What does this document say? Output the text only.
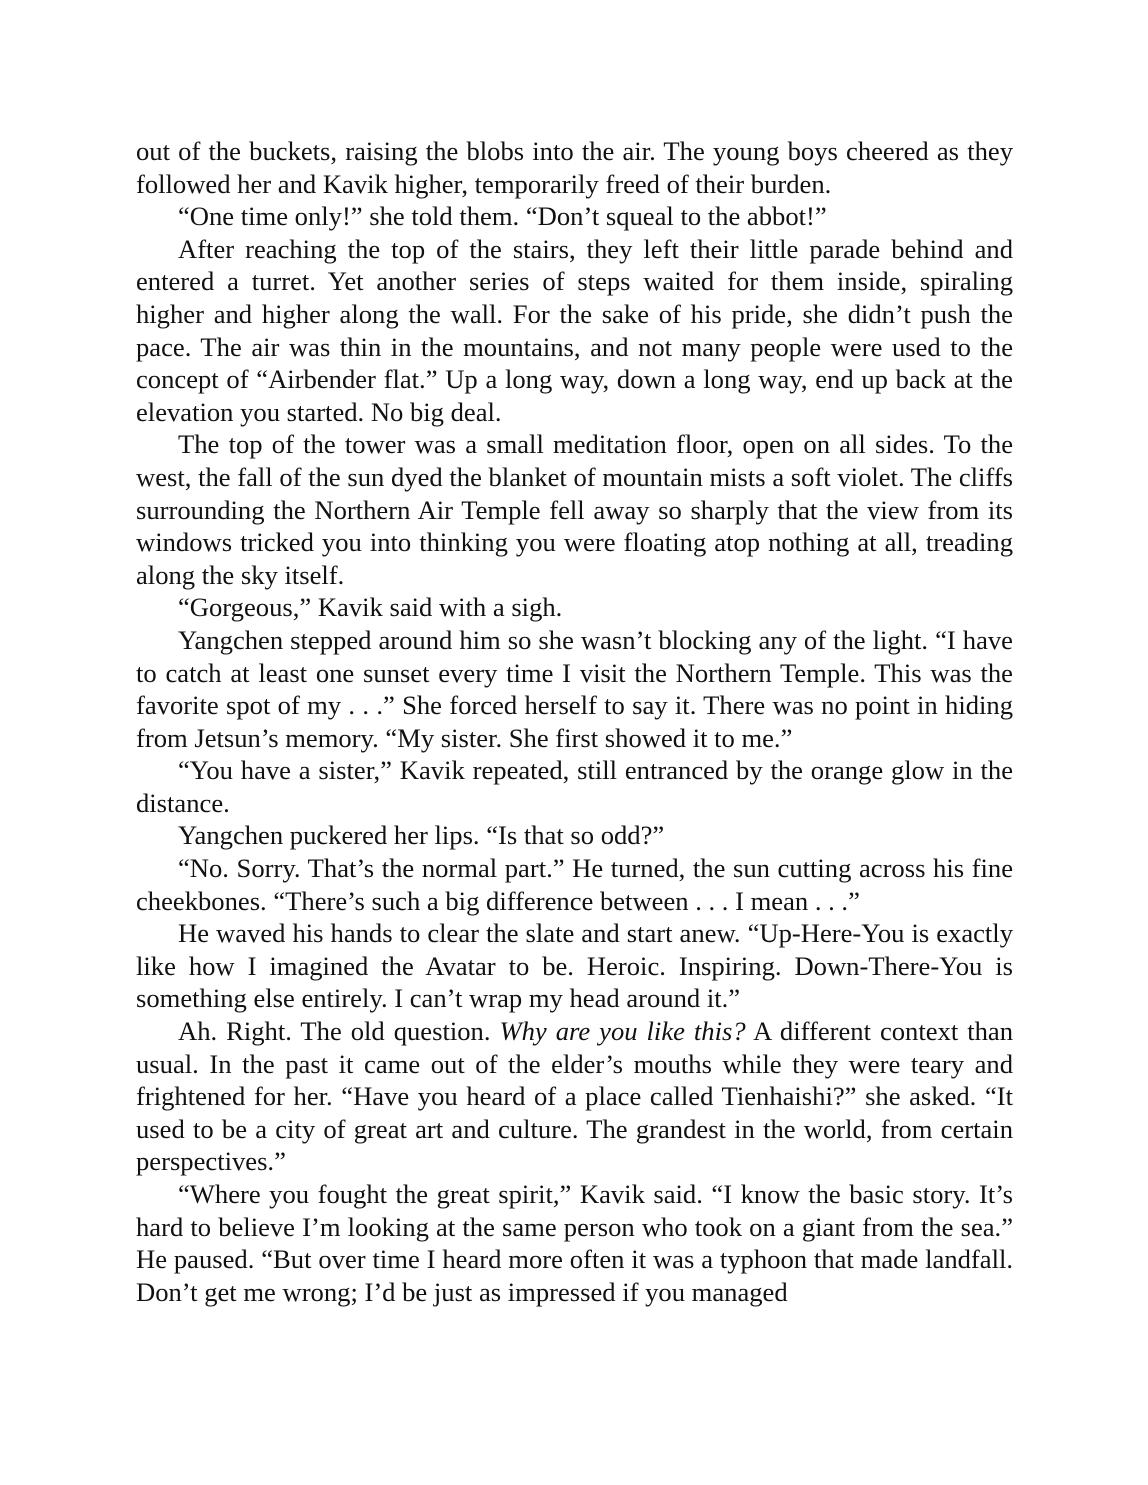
out of the buckets, raising the blobs into the air. The young boys cheered as they followed her and Kavik higher, temporarily freed of their burden.

“One time only!” she told them. “Don’t squeal to the abbot!”

After reaching the top of the stairs, they left their little parade behind and entered a turret. Yet another series of steps waited for them inside, spiraling higher and higher along the wall. For the sake of his pride, she didn’t push the pace. The air was thin in the mountains, and not many people were used to the concept of “Airbender flat.” Up a long way, down a long way, end up back at the elevation you started. No big deal.

The top of the tower was a small meditation floor, open on all sides. To the west, the fall of the sun dyed the blanket of mountain mists a soft violet. The cliffs surrounding the Northern Air Temple fell away so sharply that the view from its windows tricked you into thinking you were floating atop nothing at all, treading along the sky itself.

“Gorgeous,” Kavik said with a sigh.

Yangchen stepped around him so she wasn’t blocking any of the light. “I have to catch at least one sunset every time I visit the Northern Temple. This was the favorite spot of my . . .” She forced herself to say it. There was no point in hiding from Jetsun’s memory. “My sister. She first showed it to me.”

“You have a sister,” Kavik repeated, still entranced by the orange glow in the distance.

Yangchen puckered her lips. “Is that so odd?”

“No. Sorry. That’s the normal part.” He turned, the sun cutting across his fine cheekbones. “There’s such a big difference between . . . I mean . . .”

He waved his hands to clear the slate and start anew. “Up-Here-You is exactly like how I imagined the Avatar to be. Heroic. Inspiring. Down-There-You is something else entirely. I can’t wrap my head around it.”

Ah. Right. The old question. Why are you like this? A different context than usual. In the past it came out of the elder’s mouths while they were teary and frightened for her. “Have you heard of a place called Tienhaishi?” she asked. “It used to be a city of great art and culture. The grandest in the world, from certain perspectives.”

“Where you fought the great spirit,” Kavik said. “I know the basic story. It’s hard to believe I’m looking at the same person who took on a giant from the sea.” He paused. “But over time I heard more often it was a typhoon that made landfall. Don’t get me wrong; I’d be just as impressed if you managed
